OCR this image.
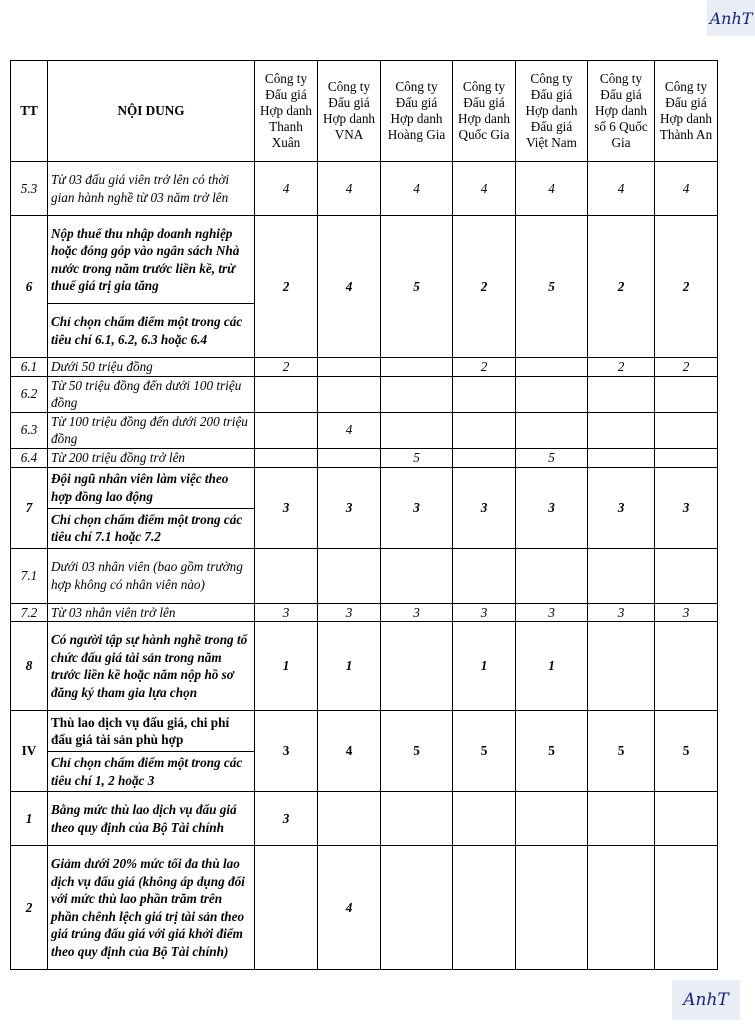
AnhT
TT	NỘI DUNG	Công ty Đấu giá Hợp danh Thanh Xuân	Công ty Đấu giá Hợp danh VNA	Công ty Đấu giá Hợp danh Hoàng Gia	Công ty Đấu giá Hợp danh Quốc Gia	Công ty Đấu giá Hợp danh Đấu giá Việt Nam	Công ty Đấu giá Hợp danh số 6 Quốc Gia	Công ty Đấu giá Hợp danh Thành An
5.3	Từ 03 đấu giá viên trở lên có thời gian hành nghề từ 03 năm trở lên	4	4	4	4	4	4	4
6	Nộp thuế thu nhập doanh nghiệp hoặc đóng góp vào ngân sách Nhà nước trong năm trước liền kề, trừ thuế giá trị gia tăng	2	4	5	2	5	2	2
	Chỉ chọn chấm điểm một trong các tiêu chí 6.1, 6.2, 6.3 hoặc 6.4							
6.1	Dưới 50 triệu đồng	2			2		2	2
6.2	Từ 50 triệu đồng đến dưới 100 triệu đồng							
6.3	Từ 100 triệu đồng đến dưới 200 triệu đồng		4					
6.4	Từ 200 triệu đồng trở lên			5		5		
7	Đội ngũ nhân viên làm việc theo hợp đồng lao động	3	3	3	3	3	3	3
	Chỉ chọn chấm điểm một trong các tiêu chí 7.1 hoặc 7.2							
7.1	Dưới 03 nhân viên (bao gồm trường hợp không có nhân viên nào)							
7.2	Từ 03 nhân viên trở lên	3	3	3	3	3	3	3
8	Có người tập sự hành nghề trong tổ chức đấu giá tài sản trong năm trước liền kề hoặc năm nộp hồ sơ đăng ký tham gia lựa chọn	1	1		1	1		
IV	Thù lao dịch vụ đấu giá, chi phí đấu giá tài sản phù hợp	3	4	5	5	5	5	5
	Chỉ chọn chấm điểm một trong các tiêu chí 1, 2 hoặc 3							
1	Bằng mức thù lao dịch vụ đấu giá theo quy định của Bộ Tài chính	3						
2	Giảm dưới 20% mức tối đa thù lao dịch vụ đấu giá (không áp dụng đối với mức thù lao phần trăm trên phần chênh lệch giá trị tài sản theo giá trúng đấu giá với giá khởi điểm theo quy định của Bộ Tài chính)		4					
AnhT
